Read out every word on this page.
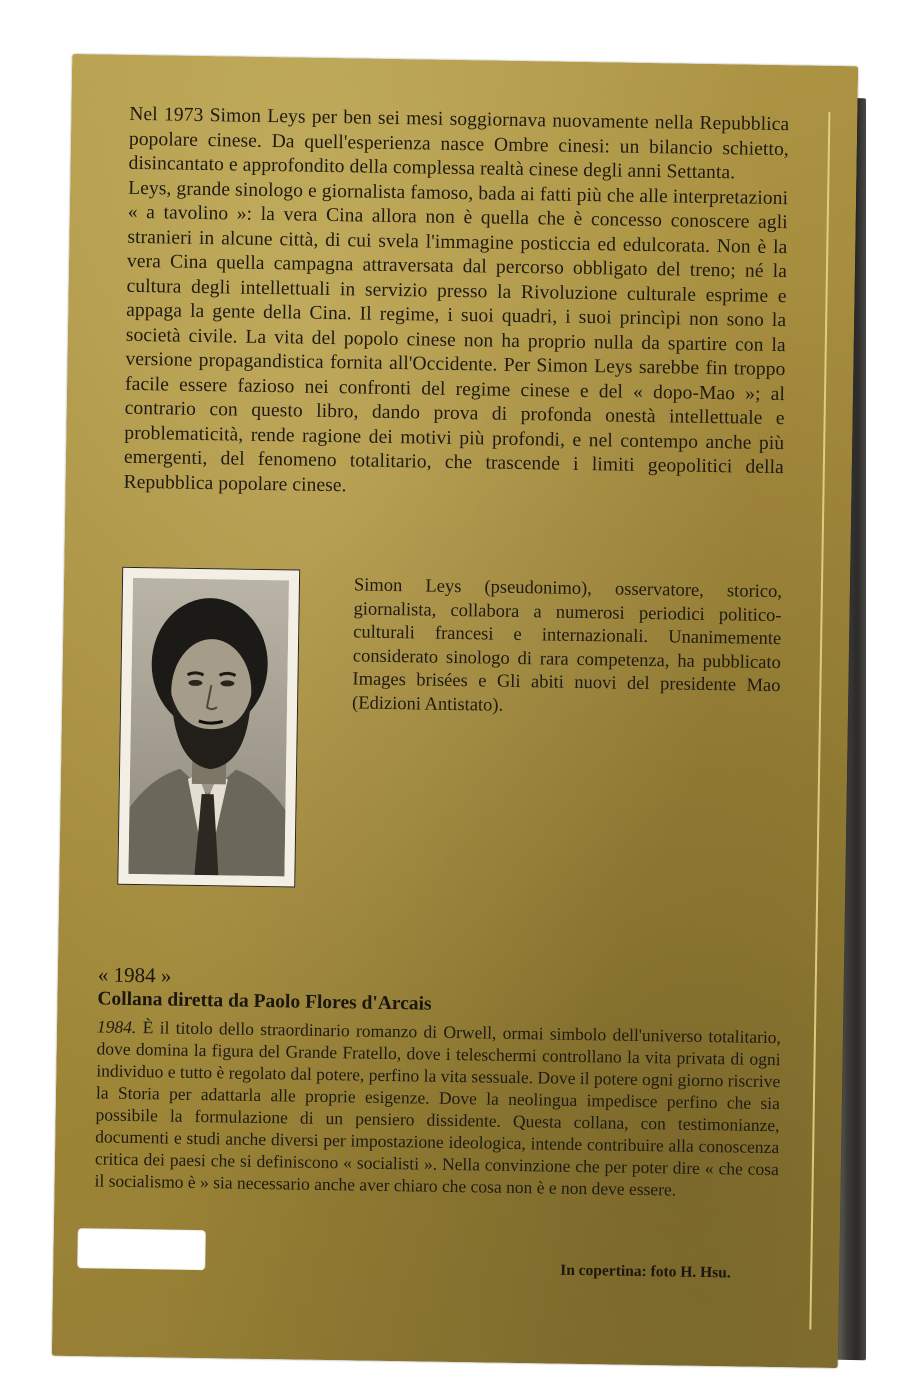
Nel 1973 Simon Leys per ben sei mesi soggiornava nuovamente nella Repubblica popolare cinese. Da quell'esperienza nasce Ombre cinesi: un bilancio schietto, disincantato e approfondito della complessa realtà cinese degli anni Settanta.

Leys, grande sinologo e giornalista famoso, bada ai fatti più che alle interpretazioni « a tavolino »: la vera Cina allora non è quella che è concesso conoscere agli stranieri in alcune città, di cui svela l'immagine posticcia ed edulcorata. Non è la vera Cina quella campagna attraversata dal percorso obbligato del treno; né la cultura degli intellettuali in servizio presso la Rivoluzione culturale esprime e appaga la gente della Cina. Il regime, i suoi quadri, i suoi princìpi non sono la società civile. La vita del popolo cinese non ha proprio nulla da spartire con la versione propagandistica fornita all'Occidente. Per Simon Leys sarebbe fin troppo facile essere fazioso nei confronti del regime cinese e del « dopo-Mao »; al contrario con questo libro, dando prova di profonda onestà intellettuale e problematicità, rende ragione dei motivi più profondi, e nel contempo anche più emergenti, del fenomeno totalitario, che trascende i limiti geopolitici della Repubblica popolare cinese.

Simon Leys (pseudonimo), osservatore, storico, giornalista, collabora a numerosi periodici politico-culturali francesi e internazionali. Unanimemente considerato sinologo di rara competenza, ha pubblicato Images brisées e Gli abiti nuovi del presidente Mao (Edizioni Antistato).
« 1984 »
Collana diretta da Paolo Flores d'Arcais
1984. È il titolo dello straordinario romanzo di Orwell, ormai simbolo dell'universo totalitario, dove domina la figura del Grande Fratello, dove i teleschermi controllano la vita privata di ogni individuo e tutto è regolato dal potere, perfino la vita sessuale. Dove il potere ogni giorno riscrive la Storia per adattarla alle proprie esigenze. Dove la neolingua impedisce perfino che sia possibile la formulazione di un pensiero dissidente. Questa collana, con testimonianze, documenti e studi anche diversi per impostazione ideologica, intende contribuire alla conoscenza critica dei paesi che si definiscono « socialisti ». Nella convinzione che per poter dire « che cosa il socialismo è » sia necessario anche aver chiaro che cosa non è e non deve essere.
In copertina: foto H. Hsu.
